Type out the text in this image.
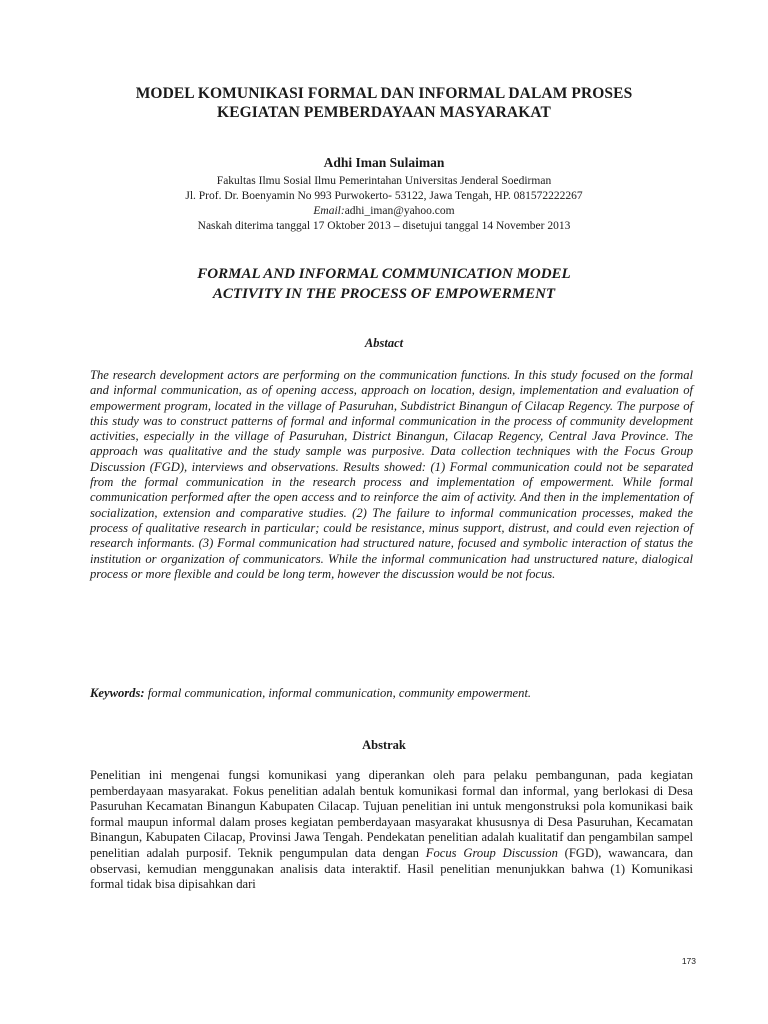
MODEL KOMUNIKASI FORMAL DAN INFORMAL DALAM PROSES
KEGIATAN PEMBERDAYAAN MASYARAKAT
Adhi Iman Sulaiman
Fakultas Ilmu Sosial Ilmu Pemerintahan Universitas Jenderal Soedirman
Jl. Prof. Dr. Boenyamin No 993 Purwokerto- 53122, Jawa Tengah, HP. 081572222267
Email:adhi_iman@yahoo.com
Naskah diterima tanggal 17 Oktober 2013 – disetujui tanggal 14 November 2013
FORMAL AND INFORMAL COMMUNICATION MODEL
ACTIVITY IN THE PROCESS OF EMPOWERMENT
Abstact

The research development actors are performing on the communication functions. In this study focused on the formal and informal communication, as of opening access, approach on location, design, implementation and evaluation of empowerment program, located in the village of Pasuruhan, Subdistrict Binangun of Cilacap Regency. The purpose of this study was to construct patterns of formal and informal communication in the process of community development activities, especially in the village of Pasuruhan, District Binangun, Cilacap Regency, Central Java Province. The approach was qualitative and the study sample was purposive. Data collection techniques with the Focus Group Discussion (FGD), interviews and observations. Results showed: (1) Formal communication could not be separated from the formal communication in the research process and implementation of empowerment. While formal communication performed after the open access and to reinforce the aim of activity. And then in the implementation of socialization, extension and comparative studies. (2) The failure to informal communication processes, maked the process of qualitative research in particular; could be resistance, minus support, distrust, and could even rejection of research informants. (3) Formal communication had structured nature, focused and symbolic interaction of status the institution or organization of communicators. While the informal communication had unstructured nature, dialogical process or more flexible and could be long term, however the discussion would be not focus.

Keywords: formal communication, informal communication, community empowerment.
Abstrak

Penelitian ini mengenai fungsi komunikasi yang diperankan oleh para pelaku pembangunan, pada kegiatan pemberdayaan masyarakat. Fokus penelitian adalah bentuk komunikasi formal dan informal, yang berlokasi di Desa Pasuruhan Kecamatan Binangun Kabupaten Cilacap. Tujuan penelitian ini untuk mengonstruksi pola komunikasi baik formal maupun informal dalam proses kegiatan pemberdayaan masyarakat khususnya di Desa Pasuruhan, Kecamatan Binangun, Kabupaten Cilacap, Provinsi Jawa Tengah. Pendekatan penelitian adalah kualitatif dan pengambilan sampel penelitian adalah purposif. Teknik pengumpulan data dengan Focus Group Discussion (FGD), wawancara, dan observasi, kemudian menggunakan analisis data interaktif. Hasil penelitian menunjukkan bahwa (1) Komunikasi formal tidak bisa dipisahkan dari

173
